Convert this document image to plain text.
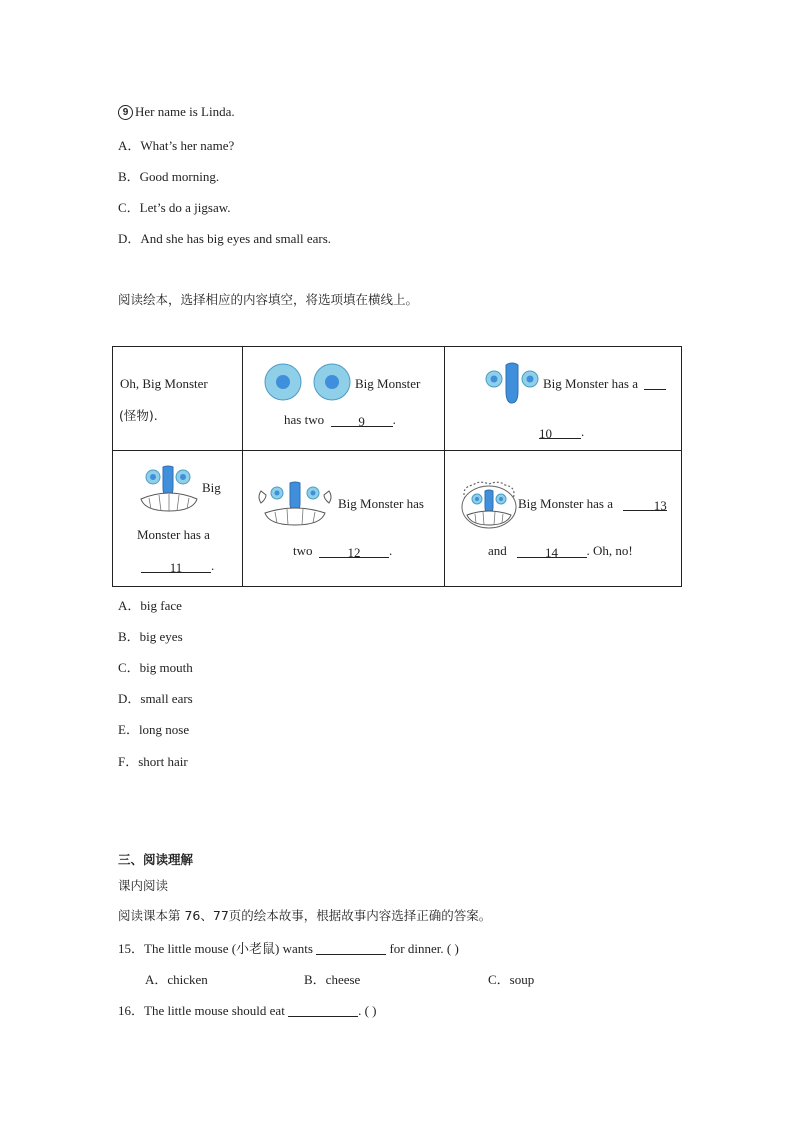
9 Her name is Linda.
A．What’s her name?
B．Good morning.
C．Let’s do a jigsaw.
D．And she has big eyes and small ears.
阅读绘本，选择相应的内容填空，将选项填在横线上。
Oh, Big Monster
(怪物).	Big Monster
has two 9 .	Big Monster has a
10 .

Big
Monster has a
11 .	Big Monster has
two 12 .	Big Monster has a 13
and 14 . Oh, no!
A．big face
B．big eyes
C．big mouth
D．small ears
E．long nose
F．short hair
三、阅读理解
课内阅读
阅读课本第 76、77页的绘本故事，根据故事内容选择正确的答案。
15．The little mouse (小老鼠) wants	for dinner. ( )
A．chicken	B．cheese	C．soup
16．The little mouse should eat	. ( )
